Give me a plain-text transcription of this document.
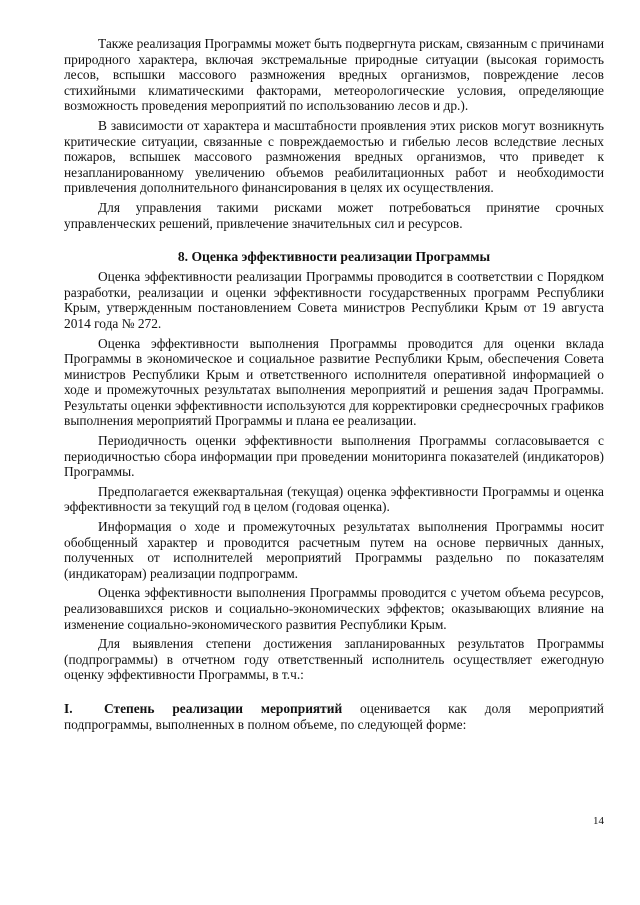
Также реализация Программы может быть подвергнута рискам, связанным с причинами природного характера, включая экстремальные природные ситуации (высокая горимость лесов, вспышки массового размножения вредных организмов, повреждение лесов стихийными климатическими факторами, метеорологические условия, определяющие возможность проведения мероприятий по использованию лесов и др.).

В зависимости от характера и масштабности проявления этих рисков могут возникнуть критические ситуации, связанные с повреждаемостью и гибелью лесов вследствие лесных пожаров, вспышек массового размножения вредных организмов, что приведет к незапланированному увеличению объемов реабилитационных работ и необходимости привлечения дополнительного финансирования в целях их осуществления.

Для управления такими рисками может потребоваться принятие срочных управленческих решений, привлечение значительных сил и ресурсов.

8. Оценка эффективности реализации Программы

Оценка эффективности реализации Программы проводится в соответствии с Порядком разработки, реализации и оценки эффективности государственных программ Республики Крым, утвержденным постановлением Совета министров Республики Крым от 19 августа 2014 года № 272.

Оценка эффективности выполнения Программы проводится для оценки вклада Программы в экономическое и социальное развитие Республики Крым, обеспечения Совета министров Республики Крым и ответственного исполнителя оперативной информацией о ходе и промежуточных результатах выполнения мероприятий и решения задач Программы. Результаты оценки эффективности используются для корректировки среднесрочных графиков выполнения мероприятий Программы и плана ее реализации.

Периодичность оценки эффективности выполнения Программы согласовывается с периодичностью сбора информации при проведении мониторинга показателей (индикаторов) Программы.

Предполагается ежеквартальная (текущая) оценка эффективности Программы и оценка эффективности за текущий год в целом (годовая оценка).

Информация о ходе и промежуточных результатах выполнения Программы носит обобщенный характер и проводится расчетным путем на основе первичных данных, полученных от исполнителей мероприятий Программы раздельно по показателям (индикаторам) реализации подпрограмм.

Оценка эффективности выполнения Программы проводится с учетом объема ресурсов, реализовавшихся рисков и социально-экономических эффектов; оказывающих влияние на изменение социально-экономического развития Республики Крым.

Для выявления степени достижения запланированных результатов Программы (подпрограммы) в отчетном году ответственный исполнитель осуществляет ежегодную оценку эффективности Программы, в т.ч.:

I. Степень реализации мероприятий оценивается как доля мероприятий подпрограммы, выполненных в полном объеме, по следующей форме:

14
